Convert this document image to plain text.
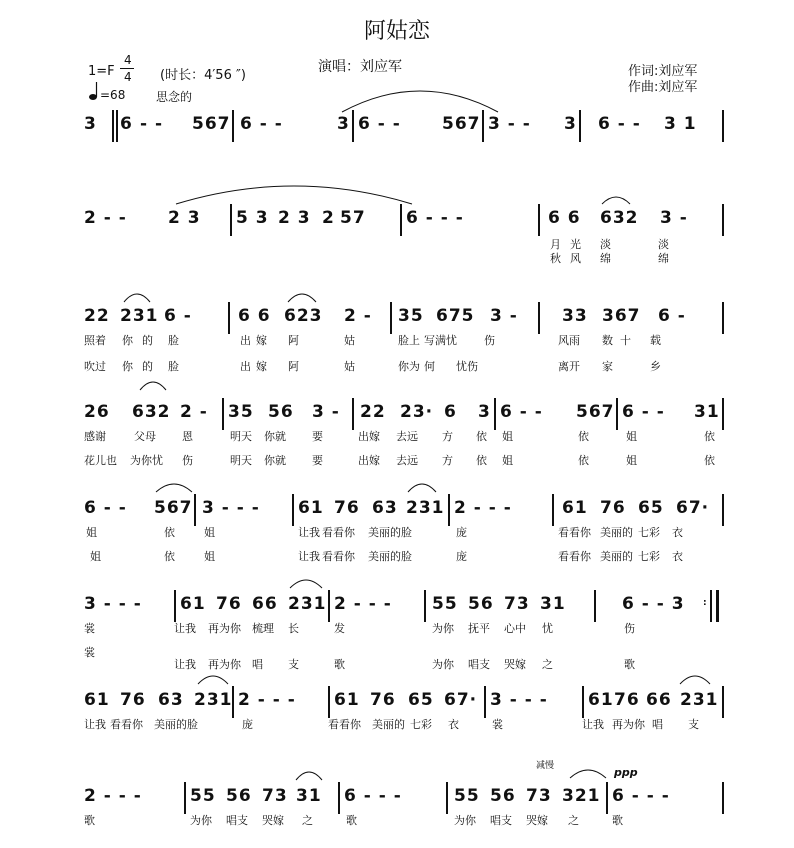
阿姑恋
演唱：刘应军	作词:刘应军
作曲:刘应军
1=F
4
4 (时长：4′56 ″)
=68	思念的
3 6 - - 567 6 - -	3 6 - - 567 3 - - 3 6 - - 3 1
2 - - 2 3 5 3 2 3 2 57 6 - - -	6 6 632 3 -
月 光 淡	淡
秋 风 绵	绵
22 231 6 -	6 6 623 2 - 35 675 3 -	33 367 6 -
照着 你 的 脸	出 嫁 阿	姑	脸上 写满忧 伤	风雨 数 十 载
吹过 你 的 脸	出 嫁 阿	姑	你为 何 忧伤	离开 家	乡
26 632 2 - 35 56 3 - 22 23· 6 3 6 - - 567 6 - - 31
感谢	父母 恩	明天 你就 要	出嫁 去远 方 依 姐	依	姐	依
花儿也 为你忧 伤	明天 你就 要	出嫁 去远 方 依 姐	依	姐	依
6 - - 567 3 - - - 61 76 63 231 2 - - -	61 76 65 67·
姐	依	姐	让我 看看你 美丽的脸	庞	看看你 美丽的 七彩 衣
姐	依	姐	让我 看看你 美丽的脸	庞	看看你 美丽的 七彩 衣
3 - - - 61 76 66 231 2 - - - 55 56 73 31	6 - - 3 :
裳	让我 再为你 梳理 长	发	为你 抚平 心中 忧	伤
裳
让我 再为你 唱 支	歌	为你 唱支 哭嫁 之	歌
61 76 63 231 2 - - - 61 76 65 67· 3 - - - 61 76 66 231
让我 看看你 美丽的脸	庞	看看你 美丽的 七彩 衣	裳	让我 再为你 唱 支
减慢	ppp
2 - - -	55 56 73 31 6 - - -	55 56 73 321 6 - - -
歌	为你 唱支 哭嫁 之	歌	为你 唱支 哭嫁 之	歌
